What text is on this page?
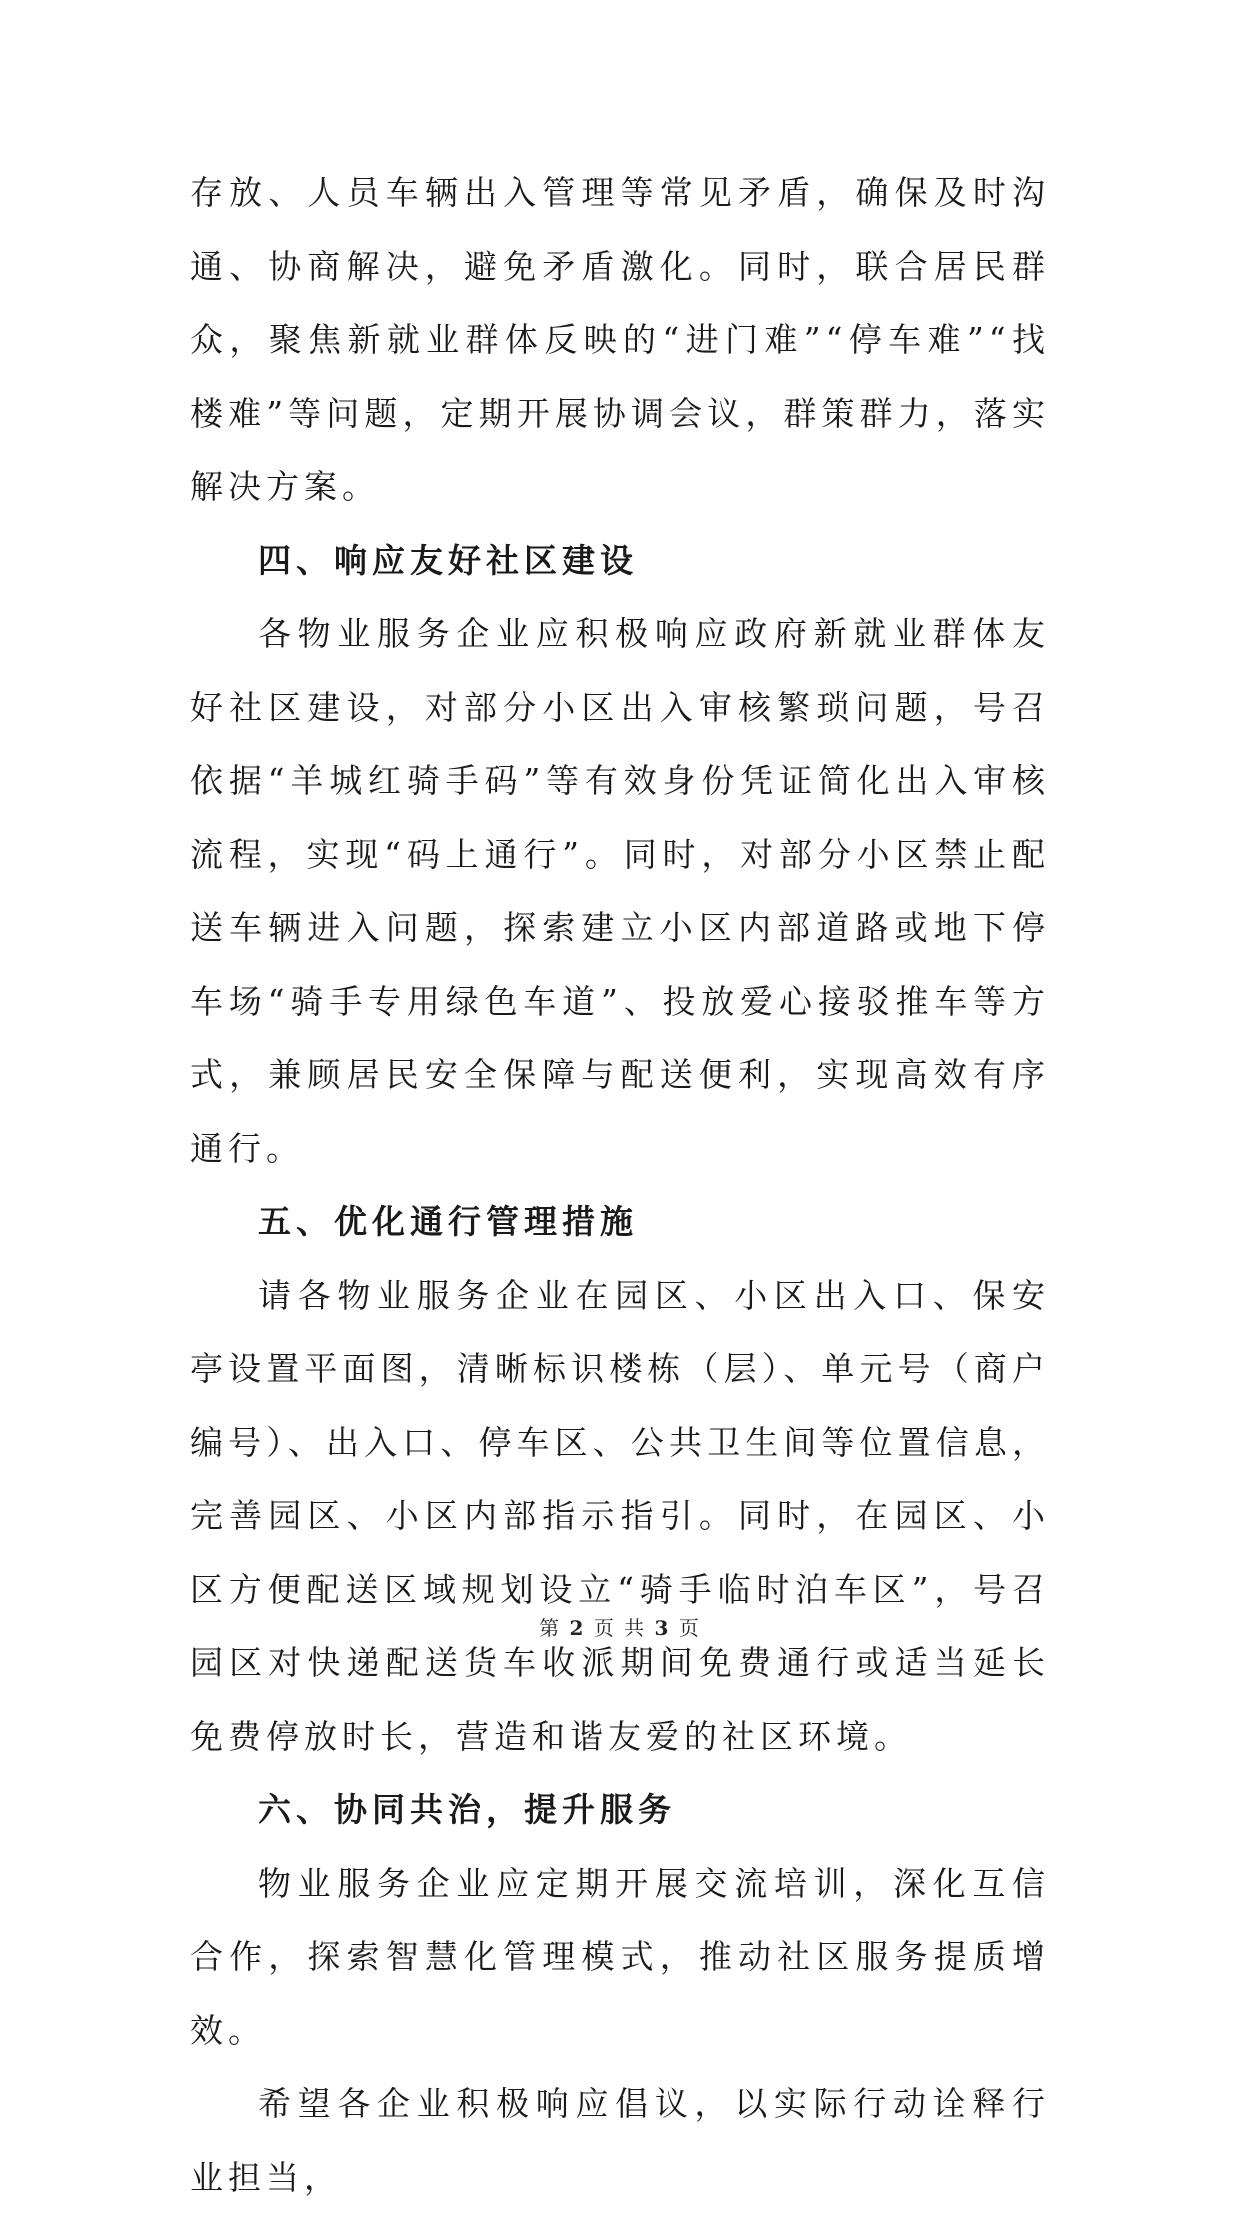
存放、人员车辆出入管理等常见矛盾，确保及时沟通、协商解决，避免矛盾激化。同时，联合居民群众，聚焦新就业群体反映的“进门难”“停车难”“找楼难”等问题，定期开展协调会议，群策群力，落实解决方案。

四、响应友好社区建设

各物业服务企业应积极响应政府新就业群体友好社区建设，对部分小区出入审核繁琐问题，号召依据“羊城红骑手码”等有效身份凭证简化出入审核流程，实现“码上通行”。同时，对部分小区禁止配送车辆进入问题，探索建立小区内部道路或地下停车场“骑手专用绿色车道”、投放爱心接驳推车等方式，兼顾居民安全保障与配送便利，实现高效有序通行。

五、优化通行管理措施

请各物业服务企业在园区、小区出入口、保安亭设置平面图，清晰标识楼栋（层）、单元号（商户编号）、出入口、停车区、公共卫生间等位置信息，完善园区、小区内部指示指引。同时，在园区、小区方便配送区域规划设立“骑手临时泊车区”，号召园区对快递配送货车收派期间免费通行或适当延长免费停放时长，营造和谐友爱的社区环境。

六、协同共治，提升服务

物业服务企业应定期开展交流培训，深化互信合作，探索智慧化管理模式，推动社区服务提质增效。

希望各企业积极响应倡议，以实际行动诠释行业担当，

第 2 页 共 3 页
